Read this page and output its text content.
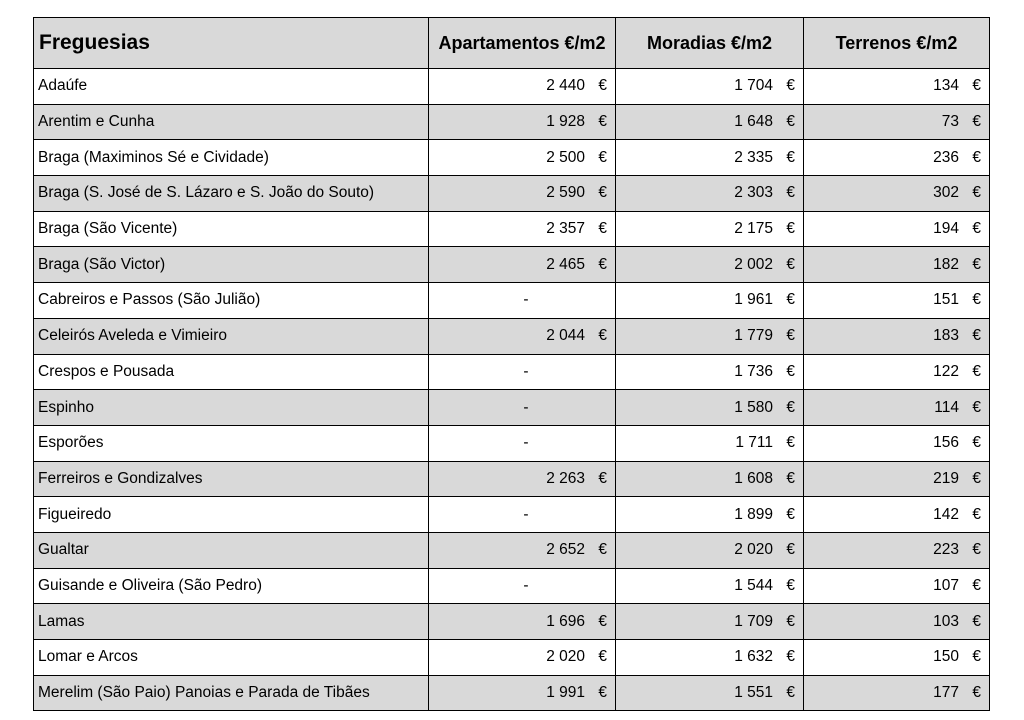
Freguesias	Apartamentos €/m2	Moradias €/m2	Terrenos €/m2
Adaúfe	2 440 €	1 704 €	134 €
Arentim e Cunha	1 928 €	1 648 €	73 €
Braga (Maximinos Sé e Cividade)	2 500 €	2 335 €	236 €
Braga (S. José de S. Lázaro e S. João do Souto)	2 590 €	2 303 €	302 €
Braga (São Vicente)	2 357 €	2 175 €	194 €
Braga (São Victor)	2 465 €	2 002 €	182 €
Cabreiros e Passos (São Julião)	-	1 961 €	151 €
Celeirós Aveleda e Vimieiro	2 044 €	1 779 €	183 €
Crespos e Pousada	-	1 736 €	122 €
Espinho	-	1 580 €	114 €
Esporões	-	1 711 €	156 €
Ferreiros e Gondizalves	2 263 €	1 608 €	219 €
Figueiredo	-	1 899 €	142 €
Gualtar	2 652 €	2 020 €	223 €
Guisande e Oliveira (São Pedro)	-	1 544 €	107 €
Lamas	1 696 €	1 709 €	103 €
Lomar e Arcos	2 020 €	1 632 €	150 €
Merelim (São Paio) Panoias e Parada de Tibães	1 991 €	1 551 €	177 €
